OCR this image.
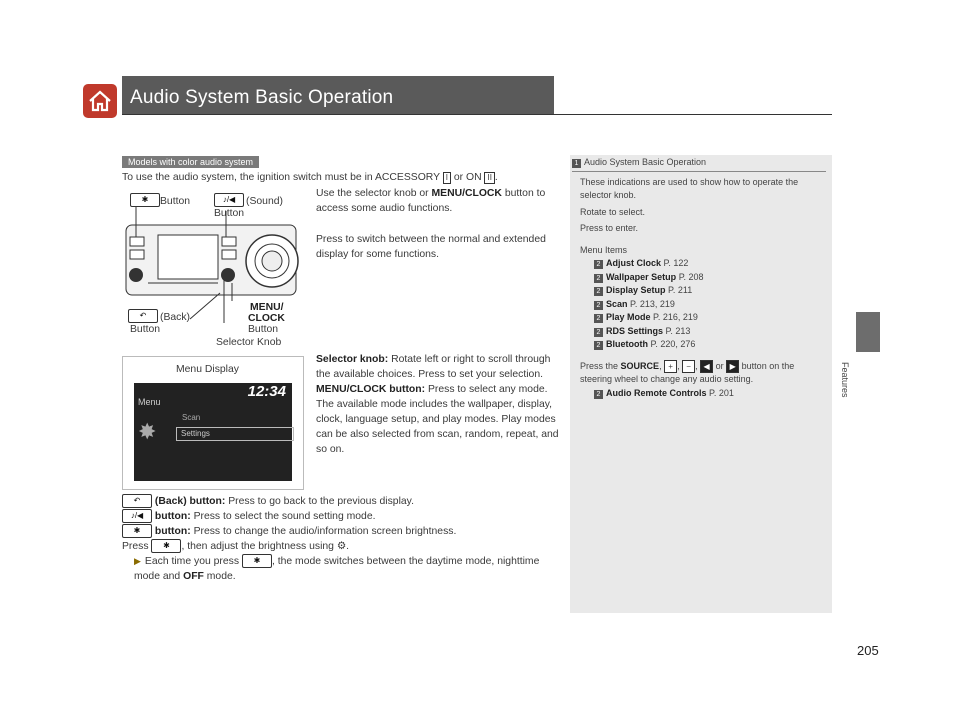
Audio System Basic Operation
Features
Models with color audio system
To use the audio system, the ignition switch must be in ACCESSORY I or ON II .
✱	Button	♪/◀	(Sound)
Button
↶	(Back)
Button
MENU/
CLOCK
Button
Selector Knob
Use the selector knob or MENU/CLOCK button to access some audio functions.
Press to switch between the normal and extended display for some functions.
Menu Display
12:34
Menu
✸
Scan
Settings
Selector knob: Rotate left or right to scroll through the available choices. Press to set your selection.
MENU/CLOCK button: Press to select any mode.
The available mode includes the wallpaper, display, clock, language setup, and play modes. Play modes can be also selected from scan, random, repeat, and so on.
↶ (Back) button: Press to go back to the previous display.
♪/◀ button: Press to select the sound setting mode.
✱ button: Press to change the audio/information screen brightness.
Press ✱ , then adjust the brightness using ⚙.
▶ Each time you press ✱ , the mode switches between the daytime mode, nighttime mode and OFF mode.
1 Audio System Basic Operation
These indications are used to show how to operate the selector knob.
Rotate to select.
Press to enter.
Menu Items
2 Adjust Clock P. 122
2 Wallpaper Setup P. 208
2 Display Setup P. 211
2 Scan P. 213, 219
2 Play Mode P. 216, 219
2 RDS Settings P. 213
2 Bluetooth P. 220, 276
Press the SOURCE, + , − , ◀ or ▶ button on the steering wheel to change any audio setting.
2 Audio Remote Controls P. 201
205
